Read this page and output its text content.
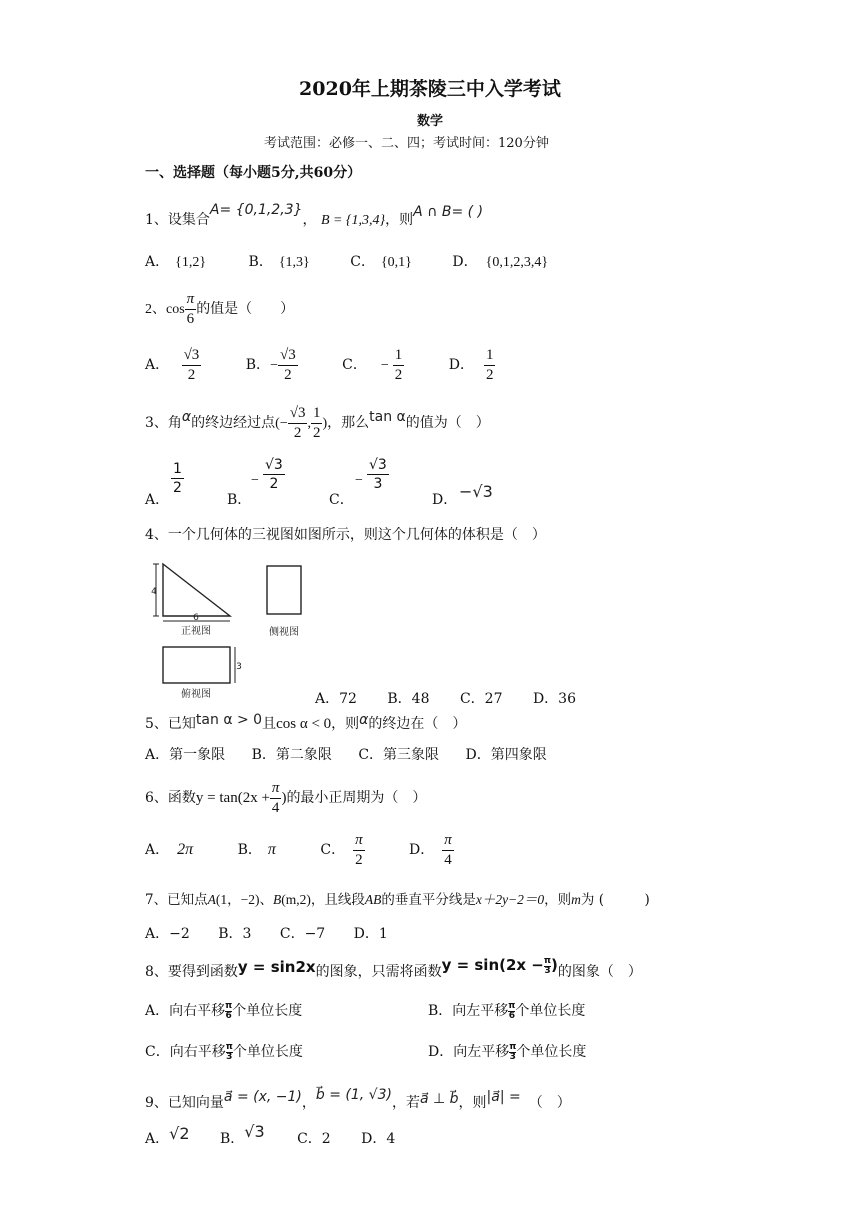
2020年上期茶陵三中入学考试
数学
考试范围：必修一、二、四；考试时间：120分钟
一、选择题（每小题5分,共60分）
1、设集合A= {0,1,2,3}， B = {1,3,4}，则A ∩ B= ( )
A． {1,2}	B． {1,3}	C． {0,1}	D． {0,1,2,3,4}
2、$\cos \frac{\pi}{6}$ 的值是（　　）
A． $\frac{√3}{2}$	B．− $\frac{√3}{2}$	C． − $\frac{1}{2}$	D． $\frac{1}{2}$
3、角α的终边经过点(− $\frac{√3}{2}$ , $\frac{1}{2}$ )，那么tan α的值为（　）
A．
$\frac{1}{2}$
B．
− $\frac{√3}{2}$
C．
− $\frac{√3}{3}$
D． −√3
4、一个几何体的三视图如图所示，则这个几何体的体积是（　）
4
6
正视图	侧视图
3
俯视图	A．72 B．48 C．27 D．36
5、已知tan α > 0且cos α < 0，则α的终边在（　）
A．第一象限 B．第二象限 C．第三象限 D．第四象限
6、函数$y = \tan(2x + \frac{\pi}{4}$ )的最小正周期为（　）
A． 2π	B． π	C． $\frac{\pi}{2}$	D． $\frac{\pi}{4}$
7、已知点A(1，−2)、B(m,2)，且线段AB的垂直平分线是x＋2y−2＝0，则m为 (　　　)
A．−2 B．3 C．−7 D．1
8、要得到函数y = sin2x的图象，只需将函数$y = \sin(2x - \frac{\pi}{3}$ )的图象（　）
A．向右平移 $\frac{\pi}{6}$ 个单位长度	B．向左平移 $\frac{\pi}{6}$ 个单位长度
C．向右平移 $\frac{\pi}{3}$ 个单位长度	D．向左平移 $\frac{\pi}{3}$ 个单位长度
9、已知向量a⃗ = (x, −1)，b⃗ = (1, √3)，若a⃗ ⊥ b⃗，则|a⃗| = （　）
A．√2 B．√3 C．2 D．4
